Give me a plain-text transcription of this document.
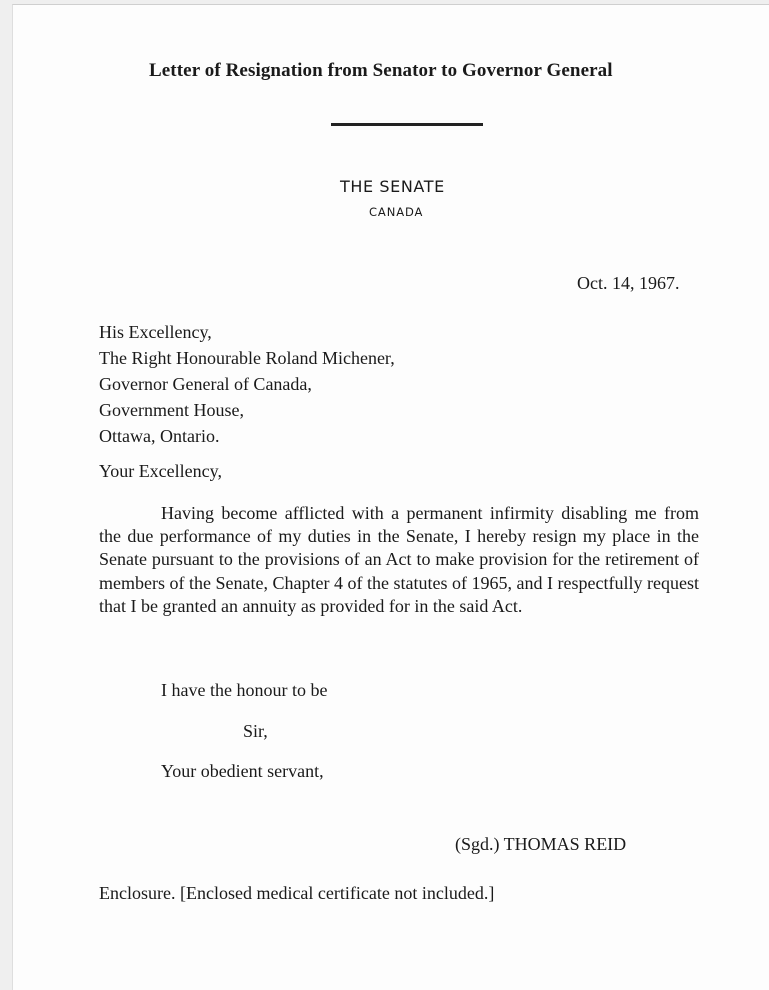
Letter of Resignation from Senator to Governor General
THE SENATE
CANADA
Oct. 14, 1967.
His Excellency,
The Right Honourable Roland Michener,
Governor General of Canada,
Government House,
Ottawa, Ontario.
Your Excellency,

Having become afflicted with a permanent infirmity disabling me from the due performance of my duties in the Senate, I hereby resign my place in the Senate pursuant to the provisions of an Act to make provision for the retirement of members of the Senate, Chapter 4 of the statutes of 1965, and I respectfully request that I be granted an annuity as provided for in the said Act.

I have the honour to be
Sir,
Your obedient servant,
(Sgd.) THOMAS REID
Enclosure. [Enclosed medical certificate not included.]
